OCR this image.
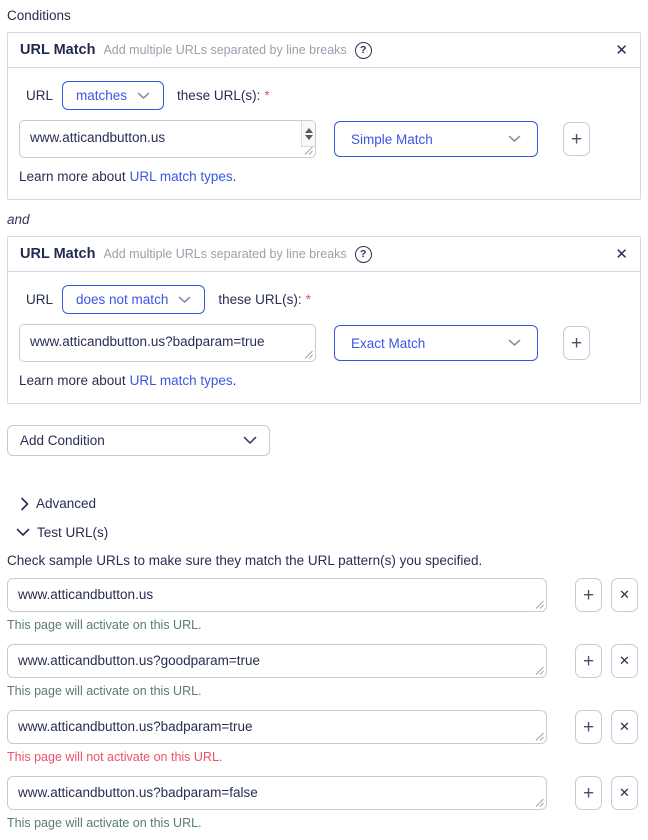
Conditions
URL Match Add multiple URLs separated by line breaks	?	✕
URL matches	these URL(s): *
www.atticandbutton.us	Simple Match	+
Learn more about URL match types.
and
URL Match Add multiple URLs separated by line breaks	?	✕
URL does not match	these URL(s): *
www.atticandbutton.us?badparam=true	Exact Match	+
Learn more about URL match types.
Add Condition
Advanced
Test URL(s)
Check sample URLs to make sure they match the URL pattern(s) you specified.
www.atticandbutton.us	+	✕
This page will activate on this URL.
www.atticandbutton.us?goodparam=true	+	✕
This page will activate on this URL.
www.atticandbutton.us?badparam=true	+	✕
This page will not activate on this URL.
www.atticandbutton.us?badparam=false	+	✕
This page will activate on this URL.
